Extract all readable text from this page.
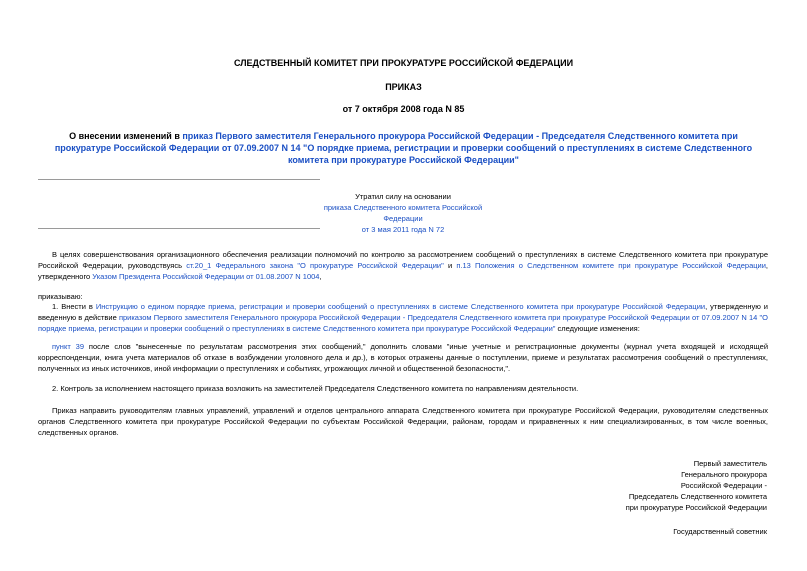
СЛЕДСТВЕННЫЙ КОМИТЕТ ПРИ ПРОКУРАТУРЕ РОССИЙСКОЙ ФЕДЕРАЦИИ
ПРИКАЗ
от 7 октября 2008 года N 85
О внесении изменений в приказ Первого заместителя Генерального прокурора Российской Федерации - Председателя Следственного комитета при прокуратуре Российской Федерации от 07.09.2007 N 14 "О порядке приема, регистрации и проверки сообщений о преступлениях в системе Следственного комитета при прокуратуре Российской Федерации"
Утратил силу на основании
приказа Следственного комитета Российской Федерации
от 3 мая 2011 года N 72
В целях совершенствования организационного обеспечения реализации полномочий по контролю за рассмотрением сообщений о преступлениях в системе Следственного комитета при прокуратуре Российской Федерации, руководствуясь ст.20_1 Федерального закона "О прокуратуре Российской Федерации" и п.13 Положения о Следственном комитете при прокуратуре Российской Федерации, утвержденного Указом Президента Российской Федерации от 01.08.2007 N 1004,
приказываю:
1. Внести в Инструкцию о едином порядке приема, регистрации и проверки сообщений о преступлениях в системе Следственного комитета при прокуратуре Российской Федерации, утвержденную и введенную в действие приказом Первого заместителя Генерального прокурора Российской Федерации - Председателя Следственного комитета при прокуратуре Российской Федерации от 07.09.2007 N 14 "О порядке приема, регистрации и проверки сообщений о преступлениях в системе Следственного комитета при прокуратуре Российской Федерации" следующие изменения:
пункт 39 после слов "вынесенные по результатам рассмотрения этих сообщений," дополнить словами "иные учетные и регистрационные документы (журнал учета входящей и исходящей корреспонденции, книга учета материалов об отказе в возбуждении уголовного дела и др.), в которых отражены данные о поступлении, приеме и результатах рассмотрения сообщений о преступлениях, полученных из иных источников, иной информации о преступлениях и событиях, угрожающих личной и общественной безопасности,".
2. Контроль за исполнением настоящего приказа возложить на заместителей Председателя Следственного комитета по направлениям деятельности.
Приказ направить руководителям главных управлений, управлений и отделов центрального аппарата Следственного комитета при прокуратуре Российской Федерации, руководителям следственных органов Следственного комитета при прокуратуре Российской Федерации по субъектам Российской Федерации, районам, городам и приравненных к ним специализированных, в том числе военных, следственных органов.
Первый заместитель
Генерального прокурора
Российской Федерации -
Председатель Следственного комитета
при прокуратуре Российской Федерации
Государственный советник
